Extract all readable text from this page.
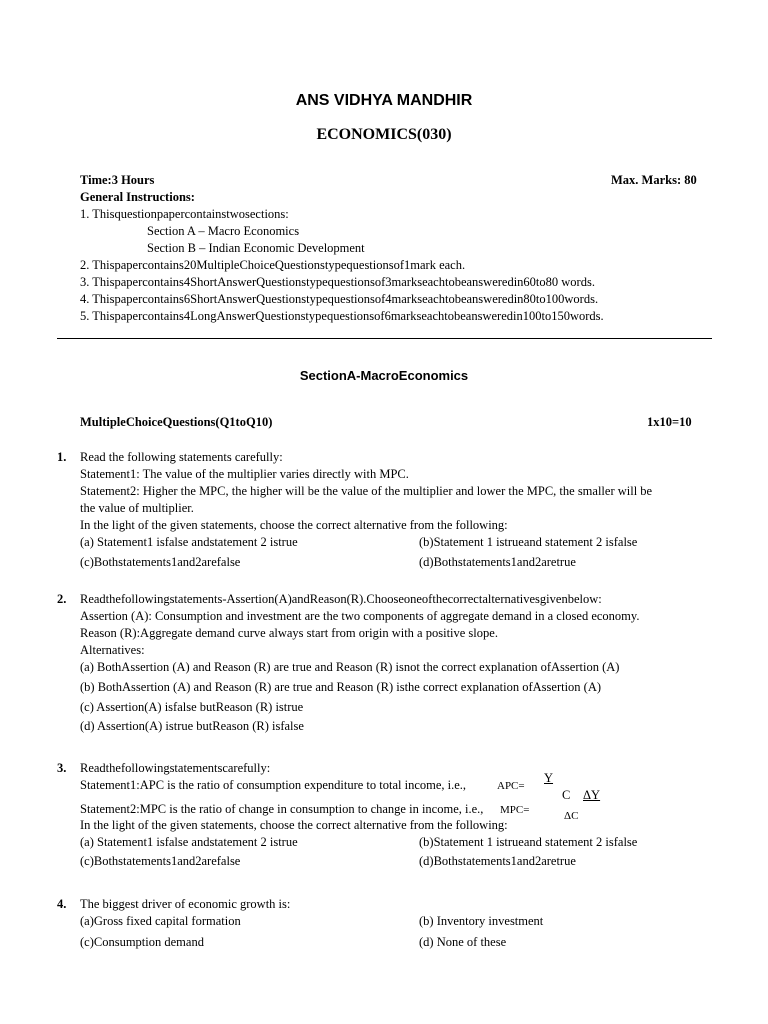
ANS VIDHYA MANDHIR
ECONOMICS(030)
Time:3 Hours	Max. Marks: 80
General Instructions:
1. Thisquestionpapercontainstwosections:
Section A – Macro Economics
Section B – Indian Economic Development
2. Thispapercontains20MultipleChoiceQuestionstypequestionsof1mark each.
3. Thispapercontains4ShortAnswerQuestionstypequestionsof3markseachtobeansweredin60to80 words.
4. Thispapercontains6ShortAnswerQuestionstypequestionsof4markseachtobeansweredin80to100words.
5. Thispapercontains4LongAnswerQuestionstypequestionsof6markseachtobeansweredin100to150words.
SectionA-MacroEconomics
MultipleChoiceQuestions(Q1toQ10)	1x10=10
1. Read the following statements carefully:
Statement1: The value of the multiplier varies directly with MPC.
Statement2: Higher the MPC, the higher will be the value of the multiplier and lower the MPC, the smaller will be
the value of multiplier.
In the light of the given statements, choose the correct alternative from the following:
(a) Statement1 isfalse andstatement 2 istrue	(b)Statement 1 istrueand statement 2 isfalse
(c)Bothstatements1and2arefalse	(d)Bothstatements1and2aretrue
2. Readthefollowingstatements-Assertion(A)andReason(R).Chooseoneofthecorrectalternativesgivenbelow:
Assertion (A): Consumption and investment are the two components of aggregate demand in a closed economy.
Reason (R):Aggregate demand curve always start from origin with a positive slope.
Alternatives:
(a) BothAssertion (A) and Reason (R) are true and Reason (R) isnot the correct explanation ofAssertion (A)
(b) BothAssertion (A) and Reason (R) are true and Reason (R) isthe correct explanation ofAssertion (A)
(c) Assertion(A) isfalse butReason (R) istrue
(d) Assertion(A) istrue butReason (R) isfalse
3. Readthefollowingstatementscarefully:
Statement1:APC is the ratio of consumption expenditure to total income, i.e.,	APC=
Y
C ΔY
Statement2:MPC is the ratio of change in consumption to change in income, i.e., MPC=	ΔC
In the light of the given statements, choose the correct alternative from the following:
(a) Statement1 isfalse andstatement 2 istrue	(b)Statement 1 istrueand statement 2 isfalse
(c)Bothstatements1and2arefalse	(d)Bothstatements1and2aretrue
4. The biggest driver of economic growth is:
(a)Gross fixed capital formation	(b) Inventory investment
(c)Consumption demand	(d) None of these
